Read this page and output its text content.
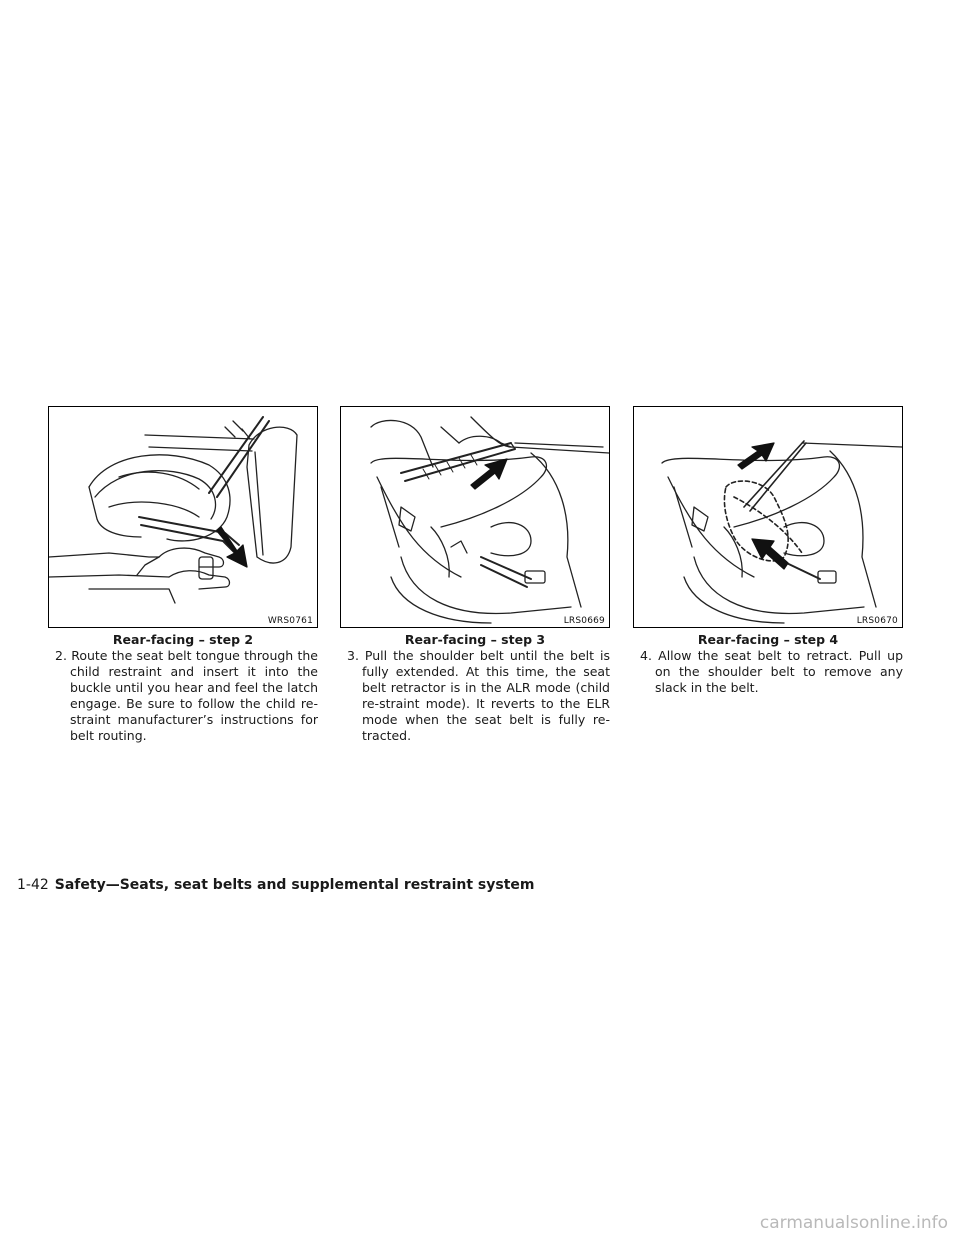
WRS0761
Rear-facing – step 2
2. Route the seat belt tongue through the child restraint and insert it into the buckle until you hear and feel the latch engage. Be sure to follow the child re-straint manufacturer’s instructions for belt routing.
LRS0669
Rear-facing – step 3
3. Pull the shoulder belt until the belt is fully extended. At this time, the seat belt retractor is in the ALR mode (child re-straint mode). It reverts to the ELR mode when the seat belt is fully re-tracted.
LRS0670
Rear-facing – step 4
4. Allow the seat belt to retract. Pull up on the shoulder belt to remove any slack in the belt.
1-42 Safety—Seats, seat belts and supplemental restraint system
carmanualsonline.info
